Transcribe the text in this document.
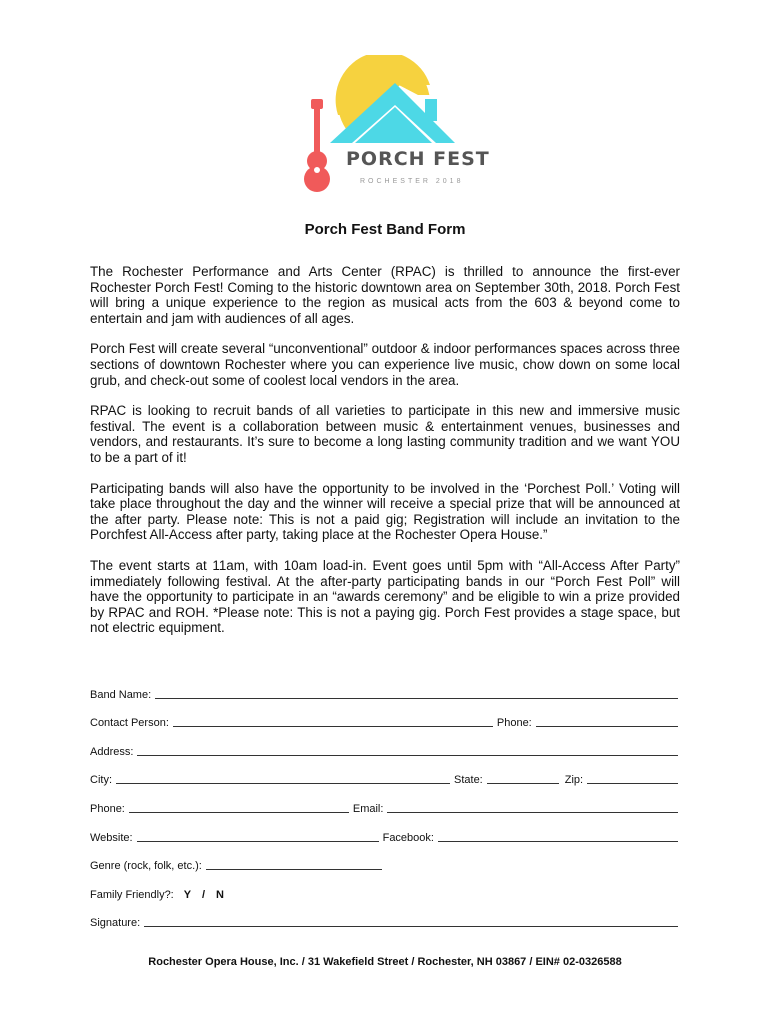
PORCH FEST
ROCHESTER 2018
Porch Fest Band Form

The Rochester Performance and Arts Center (RPAC) is thrilled to announce the first-ever Rochester Porch Fest! Coming to the historic downtown area on September 30th, 2018. Porch Fest will bring a unique experience to the region as musical acts from the 603 & beyond come to entertain and jam with audiences of all ages.

Porch Fest will create several “unconventional” outdoor & indoor performances spaces across three sections of downtown Rochester where you can experience live music, chow down on some local grub, and check-out some of coolest local vendors in the area.

RPAC is looking to recruit bands of all varieties to participate in this new and immersive music festival. The event is a collaboration between music & entertainment venues, businesses and vendors, and restaurants. It’s sure to become a long lasting community tradition and we want YOU to be a part of it!

Participating bands will also have the opportunity to be involved in the ‘Porchest Poll.’ Voting will take place throughout the day and the winner will receive a special prize that will be announced at the after party. Please note: This is not a paid gig; Registration will include an invitation to the Porchfest All-Access after party, taking place at the Rochester Opera House.”

The event starts at 11am, with 10am load-in. Event goes until 5pm with “All-Access After Party” immediately following festival. At the after-party participating bands in our “Porch Fest Poll” will have the opportunity to participate in an “awards ceremony” and be eligible to win a prize provided by RPAC and ROH. *Please note: This is not a paying gig. Porch Fest provides a stage space, but not electric equipment.

Band Name:
Contact Person:	Phone:
Address:
City:	State:	Zip:
Phone:	Email:
Website:	Facebook:
Genre (rock, folk, etc.):
Family Friendly?: Y / N
Signature:
Rochester Opera House, Inc. / 31 Wakefield Street / Rochester, NH 03867 / EIN# 02-0326588
